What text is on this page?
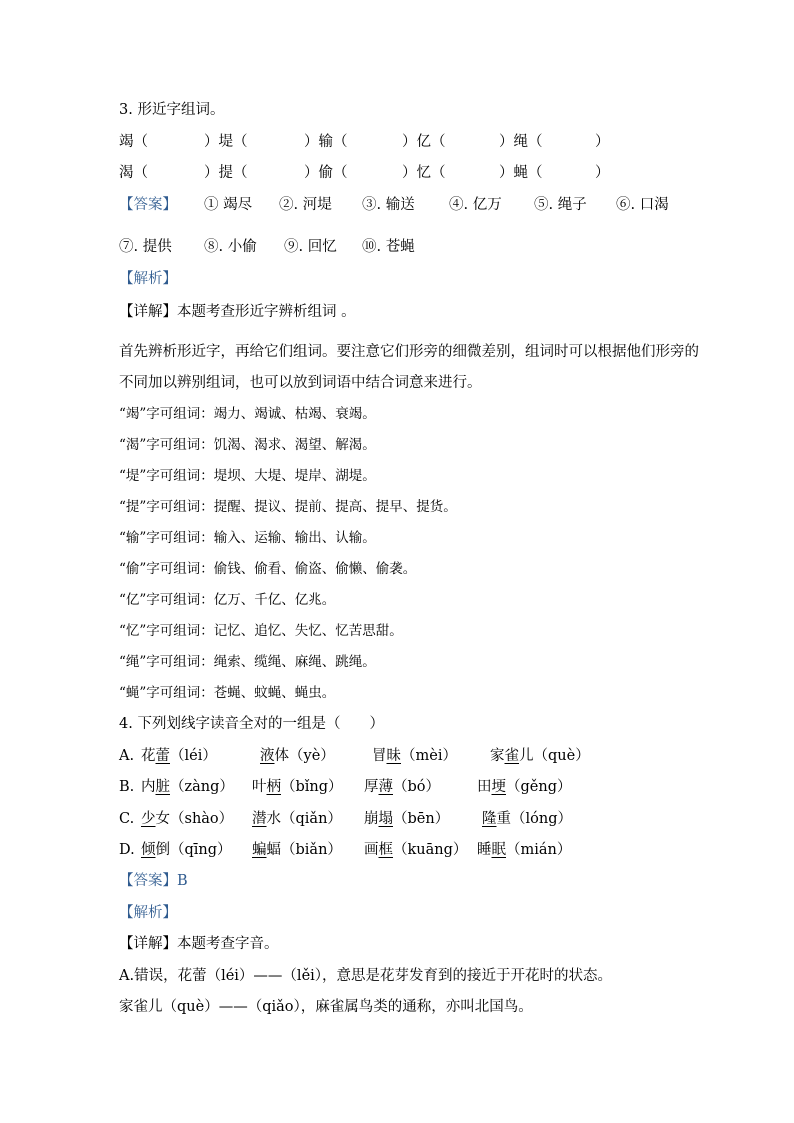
3. 形近字组词。
竭（	）堤（	）输（	）亿（	）绳（	）
渴（	）提（	）偷（	）忆（	）蝇（	）
【答案】 ① 竭尽 ②. 河堤 ③. 输送 ④. 亿万 ⑤. 绳子 ⑥. 口渴
⑦. 提供 ⑧. 小偷 ⑨. 回忆 ⑩. 苍蝇
【解析】
【详解】本题考查形近字辨析组词 。
首先辨析形近字，再给它们组词。要注意它们形旁的细微差别，组词时可以根据他们形旁的
不同加以辨别组词，也可以放到词语中结合词意来进行。
“竭”字可组词：竭力、竭诚、枯竭、衰竭。
“渴”字可组词：饥渴、渴求、渴望、解渴。
“堤”字可组词：堤坝、大堤、堤岸、湖堤。
“提”字可组词：提醒、提议、提前、提高、提早、提货。
“输”字可组词：输入、运输、输出、认输。
“偷”字可组词：偷钱、偷看、偷盗、偷懒、偷袭。
“亿”字可组词：亿万、千亿、亿兆。
“忆”字可组词：记忆、追忆、失忆、忆苦思甜。
“绳”字可组词：绳索、缆绳、麻绳、跳绳。
“蝇”字可组词：苍蝇、蚊蝇、蝇虫。
4. 下列划线字读音全对的一组是（　　）
A. 花蕾（léi）	液体（yè）	冒昧（mèi） 家雀儿（què）
B. 内脏（zàng） 叶柄（bǐng） 厚薄（bó）	田埂（gěng）
C. 少女（shào） 潜水（qiǎn） 崩塌（bēn） 隆重（lóng）
D. 倾倒（qīng） 蝙蝠（biǎn） 画框（kuāng） 睡眠（mián）
【答案】B
【解析】
【详解】本题考查字音。
A.错误，花蕾（léi）——（lěi），意思是花芽发育到的接近于开花时的状态。
家雀儿（què）——（qiǎo），麻雀属鸟类的通称，亦叫北国鸟。
